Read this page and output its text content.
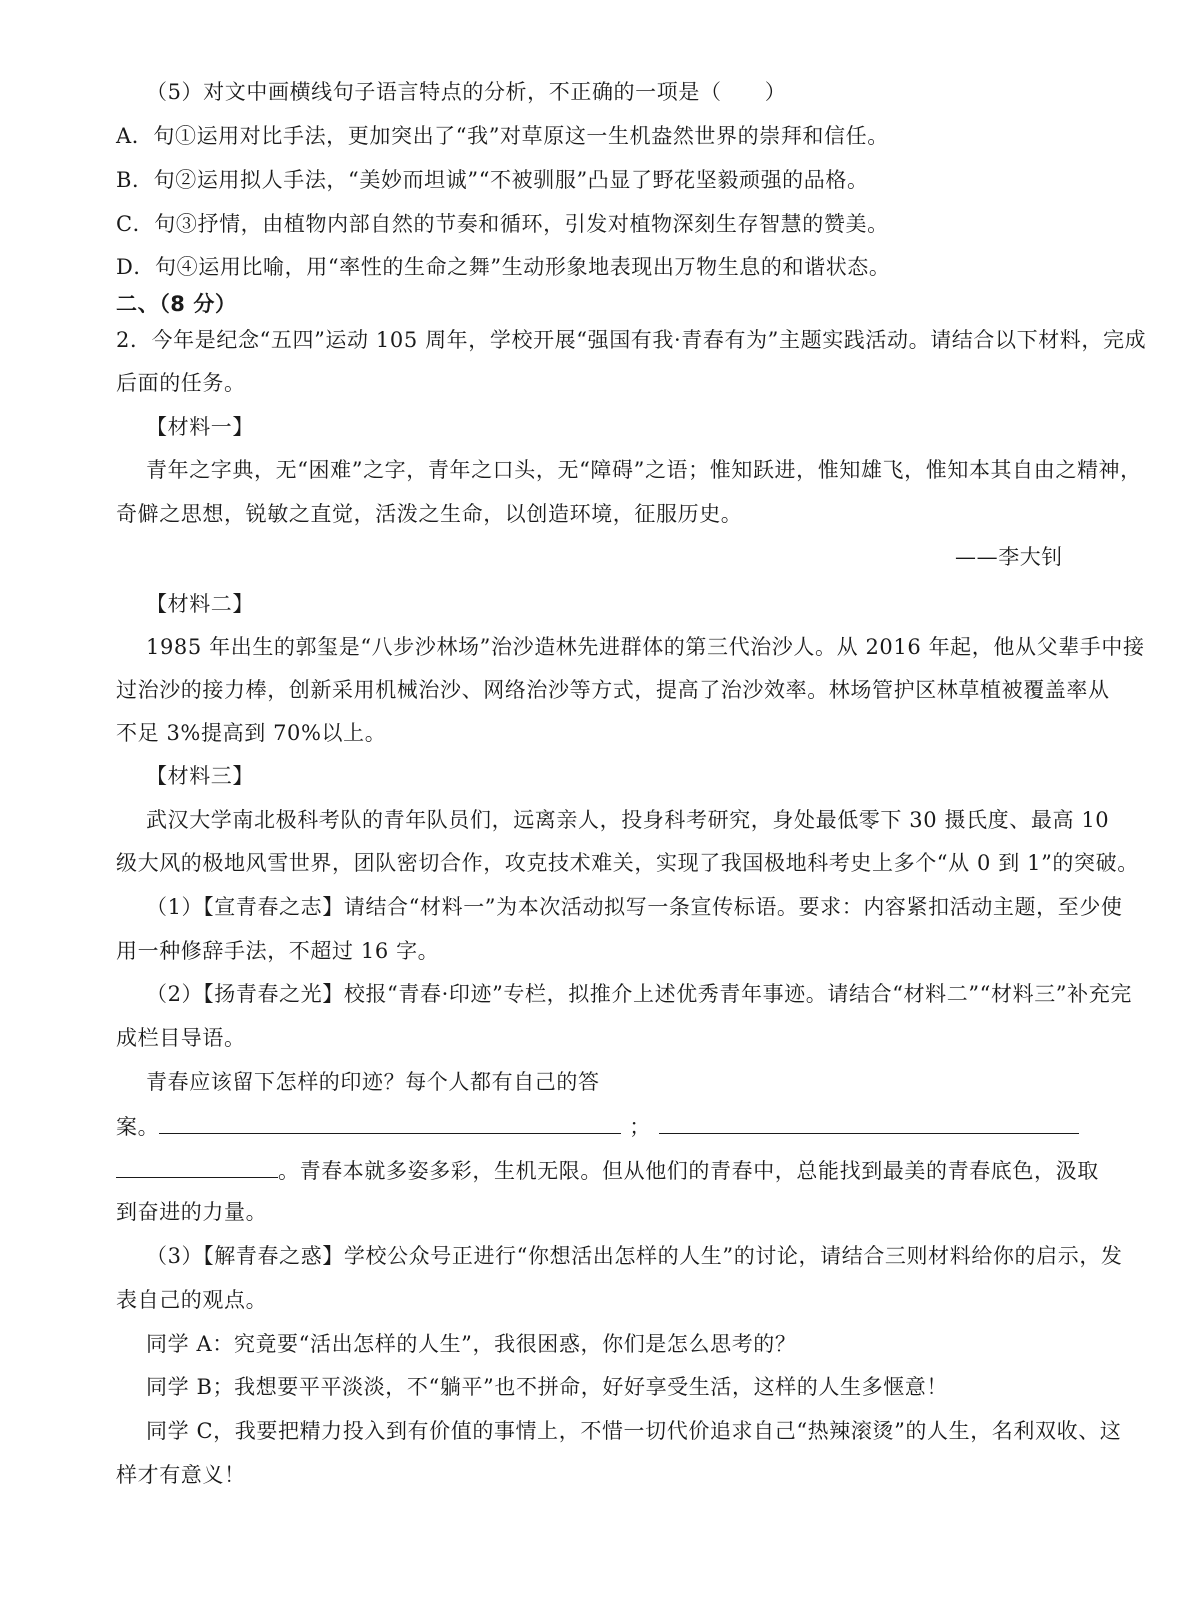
（5）对文中画横线句子语言特点的分析，不正确的一项是（　　）

A．句①运用对比手法，更加突出了“我”对草原这一生机盎然世界的崇拜和信任。

B．句②运用拟人手法，“美妙而坦诚”“不被驯服”凸显了野花坚毅顽强的品格。

C．句③抒情，由植物内部自然的节奏和循环，引发对植物深刻生存智慧的赞美。

D．句④运用比喻，用“率性的生命之舞”生动形象地表现出万物生息的和谐状态。

二、（8 分）

2．今年是纪念“五四”运动 105 周年，学校开展“强国有我·青春有为”主题实践活动。请结合以下材料，完成

后面的任务。

【材料一】

青年之字典，无“困难”之字，青年之口头，无“障碍”之语；惟知跃进，惟知雄飞，惟知本其自由之精神，

奇僻之思想，锐敏之直觉，活泼之生命，以创造环境，征服历史。

——李大钊

【材料二】

1985 年出生的郭玺是“八步沙林场”治沙造林先进群体的第三代治沙人。从 2016 年起，他从父辈手中接

过治沙的接力棒，创新采用机械治沙、网络治沙等方式，提高了治沙效率。林场管护区林草植被覆盖率从

不足 3%提高到 70%以上。

【材料三】

武汉大学南北极科考队的青年队员们，远离亲人，投身科考研究，身处最低零下 30 摄氏度、最高 10

级大风的极地风雪世界，团队密切合作，攻克技术难关，实现了我国极地科考史上多个“从 0 到 1”的突破。

（1）【宣青春之志】请结合“材料一”为本次活动拟写一条宣传标语。要求：内容紧扣活动主题，至少使

用一种修辞手法，不超过 16 字。

（2）【扬青春之光】校报“青春·印迹”专栏，拟推介上述优秀青年事迹。请结合“材料二”“材料三”补充完

成栏目导语。

青春应该留下怎样的印迹？每个人都有自己的答

案。	；

。青春本就多姿多彩，生机无限。但从他们的青春中，总能找到最美的青春底色，汲取

到奋进的力量。

（3）【解青春之惑】学校公众号正进行“你想活出怎样的人生”的讨论，请结合三则材料给你的启示，发

表自己的观点。

同学 A：究竟要“活出怎样的人生”，我很困惑，你们是怎么思考的？

同学 B；我想要平平淡淡，不“躺平”也不拼命，好好享受生活，这样的人生多惬意！

同学 C，我要把精力投入到有价值的事情上，不惜一切代价追求自己“热辣滚烫”的人生，名利双收、这

样才有意义！
